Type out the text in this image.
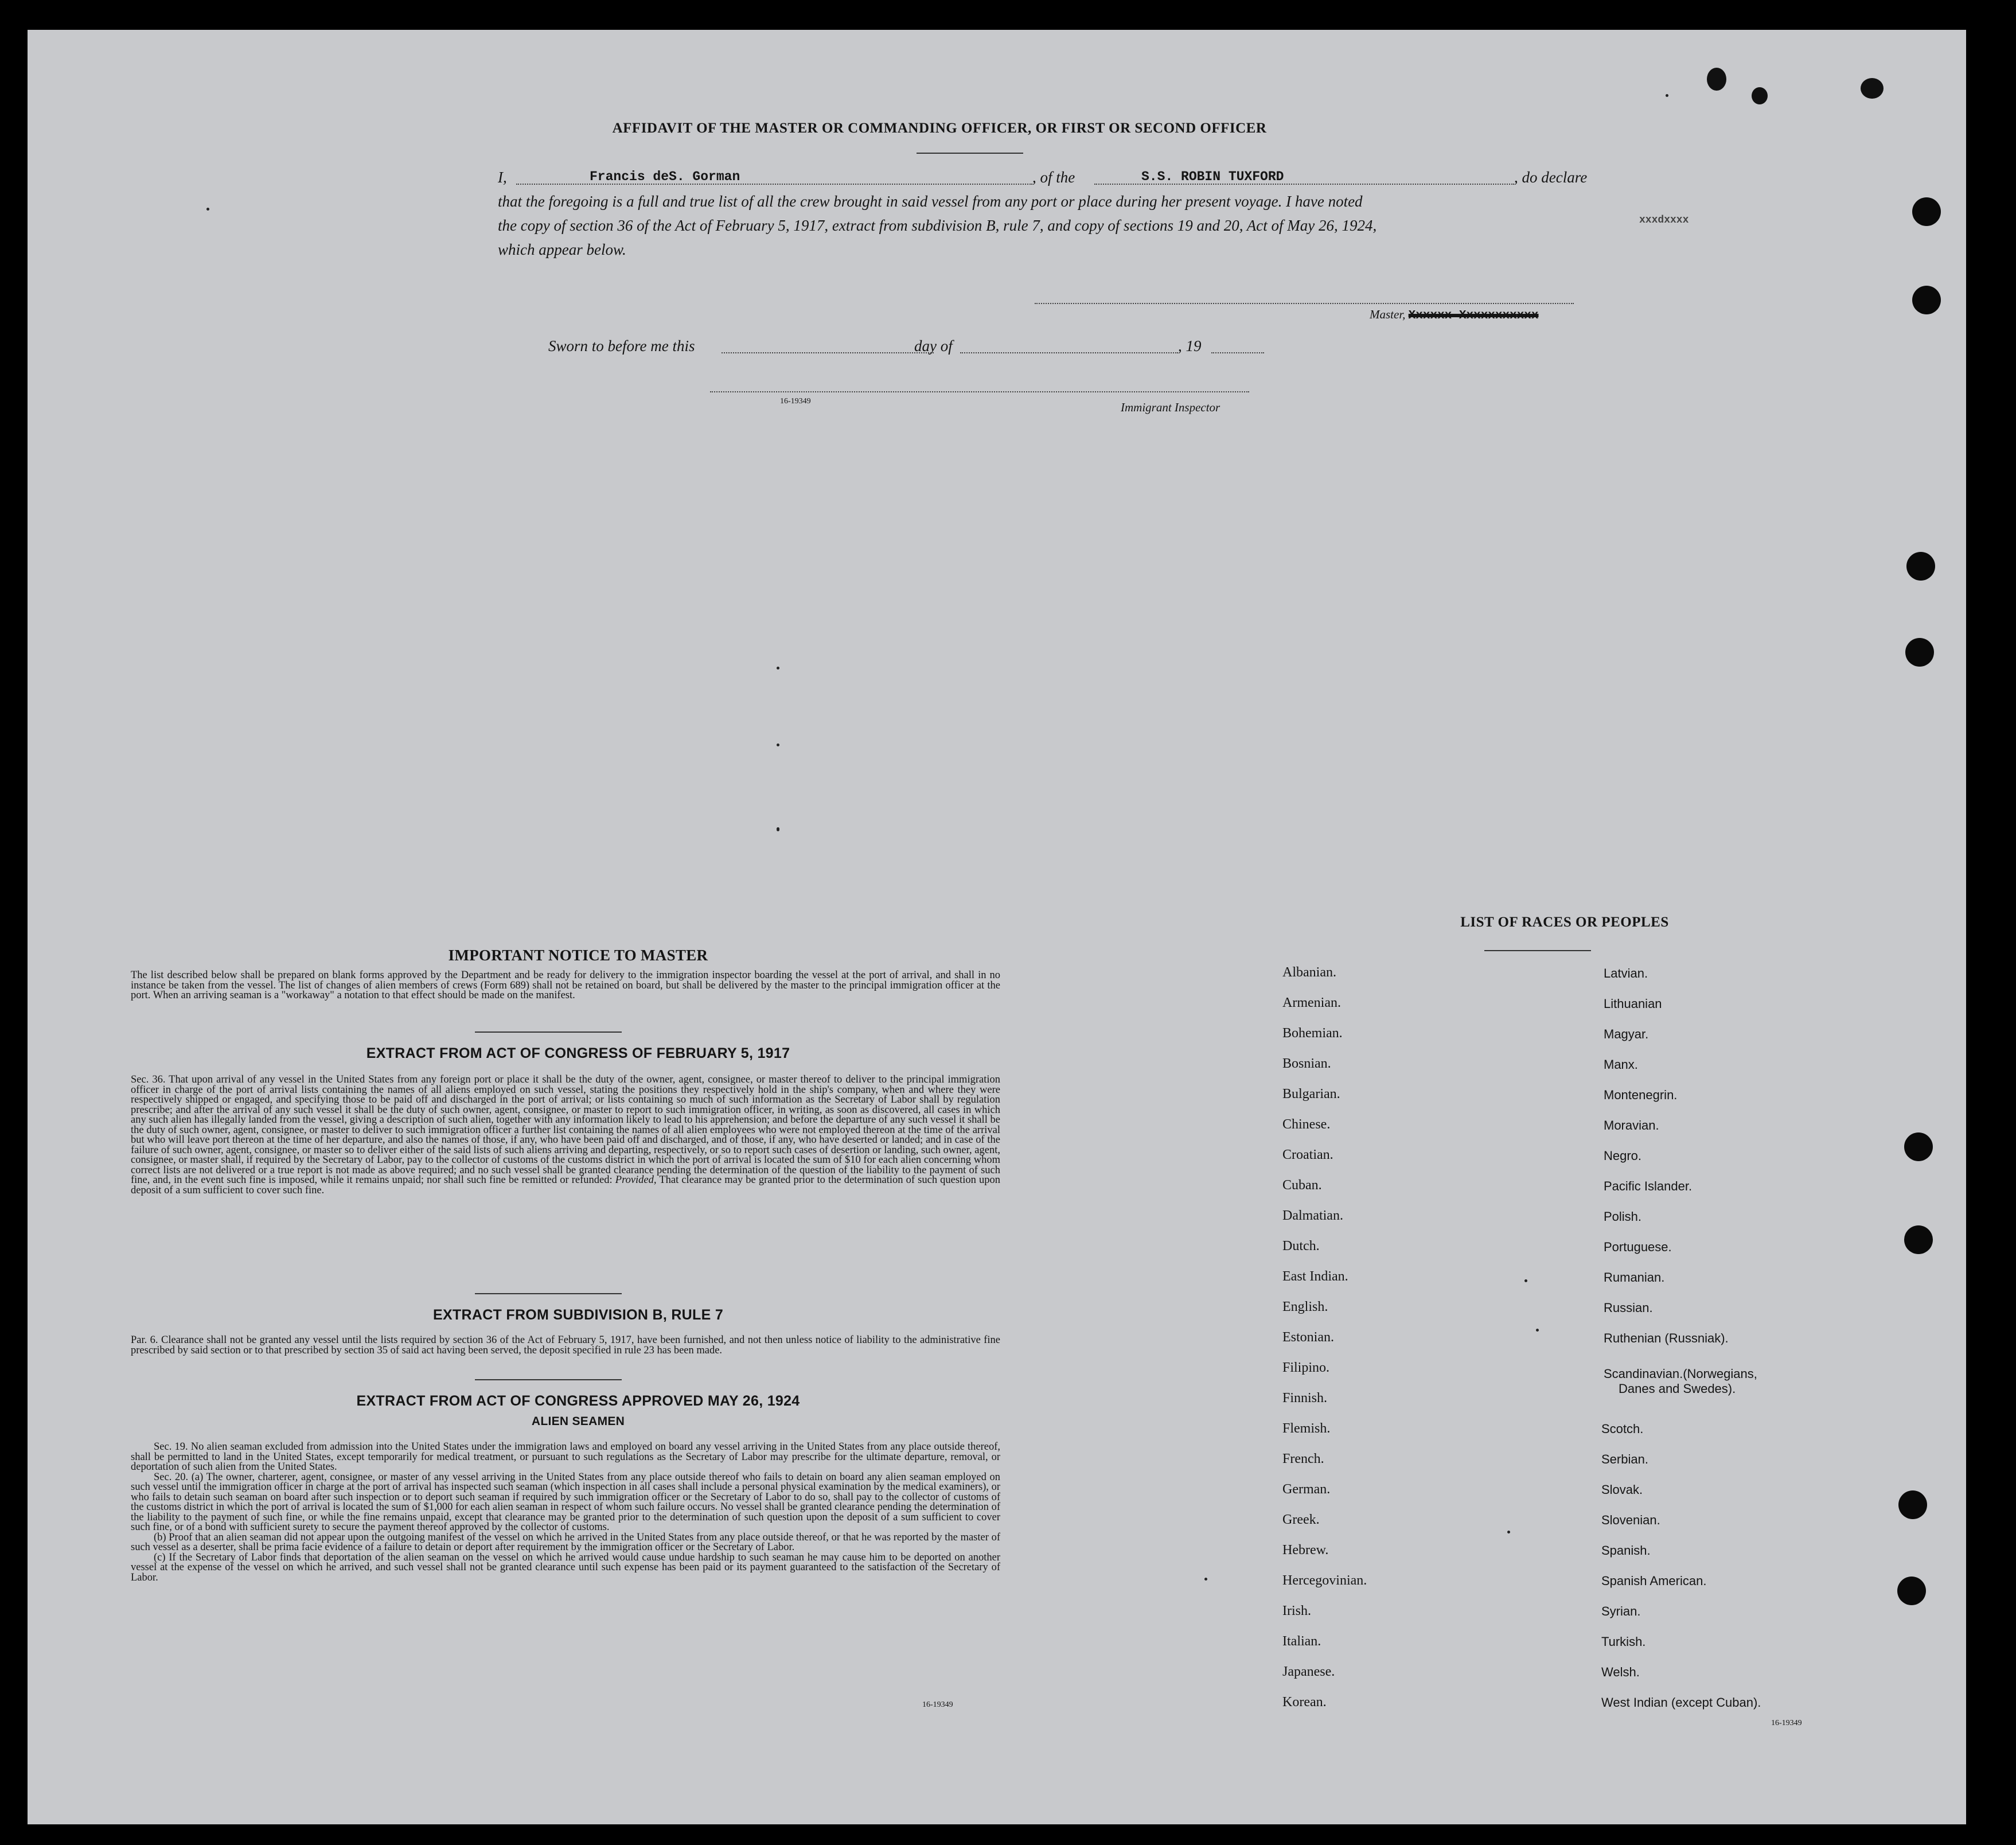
AFFIDAVIT OF THE MASTER OR COMMANDING OFFICER, OR FIRST OR SECOND OFFICER
I,	Francis deS. Gorman	, of the	S.S. ROBIN TUXFORD	, do declare
that the foregoing is a full and true list of all the crew brought in said vessel from any port or place during her present voyage. I have noted
the copy of section 36 of the Act of February 5, 1917, extract from subdivision B, rule 7, and copy of sections 19 and 20, Act of May 26, 1924,
which appear below.
Master, Xxxxxx Xxxxxxxxxxx
Sworn to before me this	day of	, 19
16-19349	Immigrant Inspector
xxxdxxxx
IMPORTANT NOTICE TO MASTER
The list described below shall be prepared on blank forms approved by the Department and be ready for delivery to the immigration inspector boarding the vessel at the port of arrival, and shall in no instance be taken from the vessel. The list of changes of alien members of crews (Form 689) shall not be retained on board, but shall be delivered by the master to the principal immigration officer at the port. When an arriving seaman is a "workaway" a notation to that effect should be made on the manifest.
EXTRACT FROM ACT OF CONGRESS OF FEBRUARY 5, 1917
Sec. 36. That upon arrival of any vessel in the United States from any foreign port or place it shall be the duty of the owner, agent, consignee, or master thereof to deliver to the principal immigration officer in charge of the port of arrival lists containing the names of all aliens employed on such vessel, stating the positions they respectively hold in the ship's company, when and where they were respectively shipped or engaged, and specifying those to be paid off and discharged in the port of arrival; or lists containing so much of such information as the Secretary of Labor shall by regulation prescribe; and after the arrival of any such vessel it shall be the duty of such owner, agent, consignee, or master to report to such immigration officer, in writing, as soon as discovered, all cases in which any such alien has illegally landed from the vessel, giving a description of such alien, together with any information likely to lead to his apprehension; and before the departure of any such vessel it shall be the duty of such owner, agent, consignee, or master to deliver to such immigration officer a further list containing the names of all alien employees who were not employed thereon at the time of the arrival but who will leave port thereon at the time of her departure, and also the names of those, if any, who have been paid off and discharged, and of those, if any, who have deserted or landed; and in case of the failure of such owner, agent, consignee, or master so to deliver either of the said lists of such aliens arriving and departing, respectively, or so to report such cases of desertion or landing, such owner, agent, consignee, or master shall, if required by the Secretary of Labor, pay to the collector of customs of the customs district in which the port of arrival is located the sum of $10 for each alien concerning whom correct lists are not delivered or a true report is not made as above required; and no such vessel shall be granted clearance pending the determination of the question of the liability to the payment of such fine, and, in the event such fine is imposed, while it remains unpaid; nor shall such fine be remitted or refunded: Provided, That clearance may be granted prior to the determination of such question upon deposit of a sum sufficient to cover such fine.
EXTRACT FROM SUBDIVISION B, RULE 7
Par. 6. Clearance shall not be granted any vessel until the lists required by section 36 of the Act of February 5, 1917, have been furnished, and not then unless notice of liability to the administrative fine prescribed by said section or to that prescribed by section 35 of said act having been served, the deposit specified in rule 23 has been made.
EXTRACT FROM ACT OF CONGRESS APPROVED MAY 26, 1924
ALIEN SEAMEN
Sec. 19. No alien seaman excluded from admission into the United States under the immigration laws and employed on board any vessel arriving in the United States from any place outside thereof, shall be permitted to land in the United States, except temporarily for medical treatment, or pursuant to such regulations as the Secretary of Labor may prescribe for the ultimate departure, removal, or deportation of such alien from the United States.
Sec. 20. (a) The owner, charterer, agent, consignee, or master of any vessel arriving in the United States from any place outside thereof who fails to detain on board any alien seaman employed on such vessel until the immigration officer in charge at the port of arrival has inspected such seaman (which inspection in all cases shall include a personal physical examination by the medical examiners), or who fails to detain such seaman on board after such inspection or to deport such seaman if required by such immigration officer or the Secretary of Labor to do so, shall pay to the collector of customs of the customs district in which the port of arrival is located the sum of $1,000 for each alien seaman in respect of whom such failure occurs. No vessel shall be granted clearance pending the determination of the liability to the payment of such fine, or while the fine remains unpaid, except that clearance may be granted prior to the determination of such question upon the deposit of a sum sufficient to cover such fine, or of a bond with sufficient surety to secure the payment thereof approved by the collector of customs.
(b) Proof that an alien seaman did not appear upon the outgoing manifest of the vessel on which he arrived in the United States from any place outside thereof, or that he was reported by the master of such vessel as a deserter, shall be prima facie evidence of a failure to detain or deport after requirement by the immigration officer or the Secretary of Labor.
(c) If the Secretary of Labor finds that deportation of the alien seaman on the vessel on which he arrived would cause undue hardship to such seaman he may cause him to be deported on another vessel at the expense of the vessel on which he arrived, and such vessel shall not be granted clearance until such expense has been paid or its payment guaranteed to the satisfaction of the Secretary of Labor.
16-19349
LIST OF RACES OR PEOPLES
Albanian.
Armenian.
Bohemian.
Bosnian.
Bulgarian.
Chinese.
Croatian.
Cuban.
Dalmatian.
Dutch.
East Indian.
English.
Estonian.
Filipino.
Finnish.
Flemish.
French.
German.
Greek.
Hebrew.
Hercegovinian.
Irish.
Italian.
Japanese.
Korean.
Latvian.
Lithuanian
Magyar.
Manx.
Montenegrin.
Moravian.
Negro.
Pacific Islander.
Polish.
Portuguese.
Rumanian.
Russian.
Ruthenian (Russniak).
Scandinavian.(Norwegians,
Danes and Swedes).
Scotch.
Serbian.
Slovak.
Slovenian.
Spanish.
Spanish American.
Syrian.
Turkish.
Welsh.
West Indian (except Cuban).
16-19349
